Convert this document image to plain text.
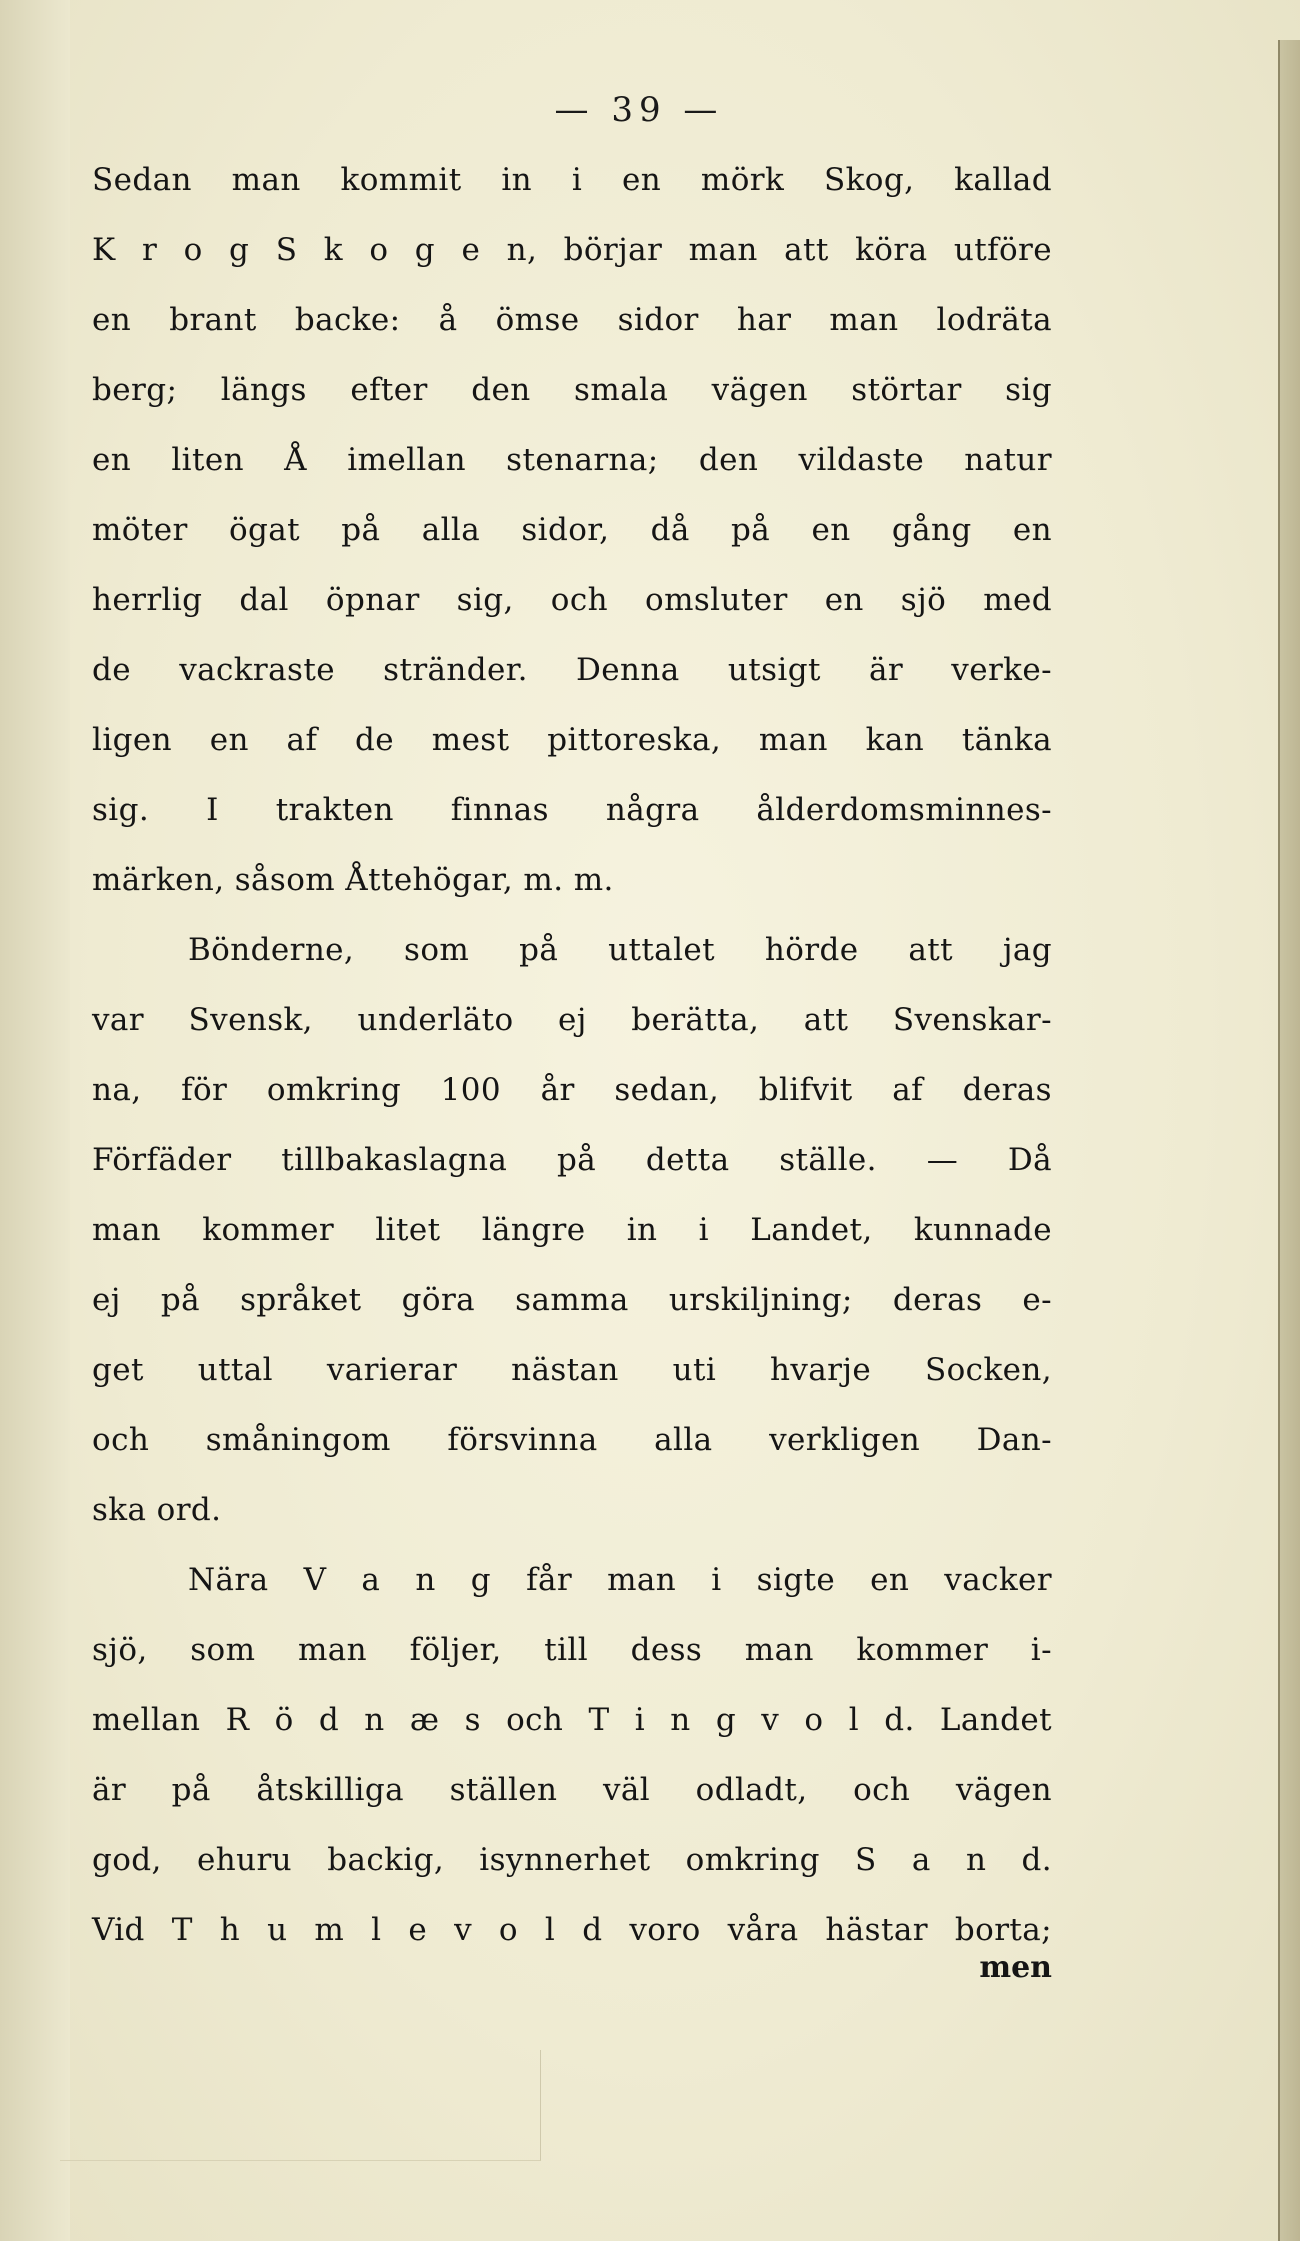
— 39 —
Sedan man kommit in i en mörk Skog, kallad
K r o g S k o g e n, börjar man att köra utföre
en brant backe: å ömse sidor har man lodräta
berg; längs efter den smala vägen störtar sig
en liten Å imellan stenarna; den vildaste natur
möter ögat på alla sidor, då på en gång en
herrlig dal öpnar sig, och omsluter en sjö med
de vackraste stränder. Denna utsigt är verke-
ligen en af de mest pittoreska, man kan tänka
sig. I trakten finnas några ålderdomsminnes-
märken, såsom Åttehögar, m. m.
Bönderne, som på uttalet hörde att jag
var Svensk, underläto ej berätta, att Svenskar-
na, för omkring 100 år sedan, blifvit af deras
Förfäder tillbakaslagna på detta ställe. — Då
man kommer litet längre in i Landet, kunnade
ej på språket göra samma urskiljning; deras e-
get uttal varierar nästan uti hvarje Socken,
och småningom försvinna alla verkligen Dan-
ska ord.
Nära V a n g får man i sigte en vacker
sjö, som man följer, till dess man kommer i-
mellan R ö d n æ s och T i n g v o l d. Landet
är på åtskilliga ställen väl odladt, och vägen
god, ehuru backig, isynnerhet omkring S a n d.
Vid T h u m l e v o l d voro våra hästar borta;
men
